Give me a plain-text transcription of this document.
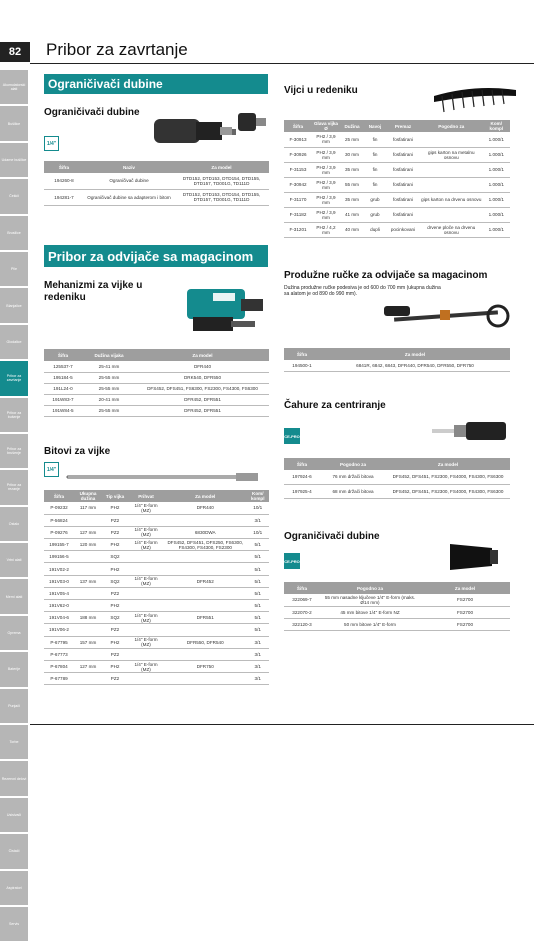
82	Pribor za zavrtanje
Akumulatorski alati
Bušilice
Udarne bušilice
Čekići
Brusilice
Pile
Blanjalice
Glodalice
Pribor za zavrtanje
Pribor za bušenje
Pribor za brušenje
Pribor za rezanje
Ostalo
Vrtni alati
Merni alati
Oprema
Baterije
Punjači
Torbe
Rezervni delovi
Usisivači
Čistači
Aspiratori
Servis
Ograničivači dubine
Ograničivači dubine
1/4"
Šifra	Naziv	Za model
194260-8	Ograničivač dubine	DTD152, DTD153, DTD154, DTD155, DTD157, TD001G, TD111D
194281-7	Ograničivač dubine sa adapterom i bitom	DTD152, DTD153, DTD154, DTD155, DTD157, TD001G, TD111D
Pribor za odvijače sa magacinom
Mehanizmi za vijke u redeniku
Šifra	Dužina vijaka	Za model
125537-7	25-41 mm	DFR440
195184-5	25-55 mm	DRK540, DFR550
191L24-0	25-55 mm	DFS452, DFS451, FS6300, FS2300, FS4300, FS6300
191W83-7	20-41 mm	DFR452, DFR551
191W84-5	25-55 mm	DFR452, DFR551
Bitovi za vijke
1/4"
Šifra	Ukupna dužina	Tip vijka	Prihvat	Za model	Kom/ kompl
P-09232	117 mm	PH2	1/4" E-form (MZ)	DFR440	10/1
P-56824		PZ2			3/1
P-09276	127 mm	PZ2	1/4" E-form (MZ)	6830DWA	10/1
199155-7	120 mm	PH2	1/4" E-form (MZ)	DFS452, DFS451, DFS250, FS6300, FS4300, FS4300, FS2300	5/1
199156-5		SQ2			5/1
191V02-2		PH2			5/1
191V03-0	137 mm	SQ2	1/4" E-form (MZ)	DFR452	5/1
191V05-4		PZ2			5/1
191V62-0		PH2			5/1
191V04-6	188 mm	SQ2	1/4" E-form (MZ)	DFR551	5/1
191V06-2		PZ2			5/1
P-67795	157 mm	PH2	1/4" E-form (MZ)	DFR550, DFR540	3/1
P-67773		PZ2			3/1
P-67804	127 mm	PH2	1/4" E-form (MZ)	DFR750	3/1
P-67789		PZ2			3/1
Vijci u redeniku
Šifra	Glava vijka Ø	Dužina	Navoj	Premaz	Pogodno za	Kom/ kompl
F-30913	PH2 / 3,9 mm	25 mm	fin	fosfatirani		1.000/1
F-30926	PH2 / 3,9 mm	30 mm	fin	fosfatirani	gips karton na metalnu osnovu	1.000/1
F-31153	PH2 / 3,9 mm	35 mm	fin	fosfatirani		1.000/1
F-30942	PH2 / 3,9 mm	55 mm	fin	fosfatirani		1.000/1
F-31170	PH2 / 3,9 mm	35 mm	grub	fosfatirani	gips karton na drvenu osnovu	1.000/1
F-31182	PH2 / 3,9 mm	41 mm	grub	fosfatirani		1.000/1
F-31201	PH2 / 4,2 mm	40 mm	dupli	pocinkovani	drvene ploče na drvenu osnovu	1.000/1
Produžne ručke za odvijače sa magacinom
Dužina produžne ručke podesiva je od 600 do 700 mm (ukupna dužina sa alatom je od 890 do 990 mm).
Šifra	Za model
194500-1	6841R, 6842, 6843, DFR440, DFR540, DFR550, DFR750
Čahure za centriranje
CE-PRO
Šifra	Pogodno za	Za model
197924-6	76 mm držači bitova	DFS452, DFS451, FS2300, FS4000, FS4300, FS6300
197925-4	68 mm držači bitova	DFS452, DFS451, FS2300, FS4000, FS4300, FS6300
Ograničivači dubine
CE-PRO
Šifra	Pogodno za	Za model
322069-7	55 mm nasadne ključeve 1/4" E-form (maks. Ø14 mm)	FS2700
322070-2	45 mm bitove 1/4" E-form NZ	FS2700
322120-3	50 mm bitove 1/4" E-form	FS2700
